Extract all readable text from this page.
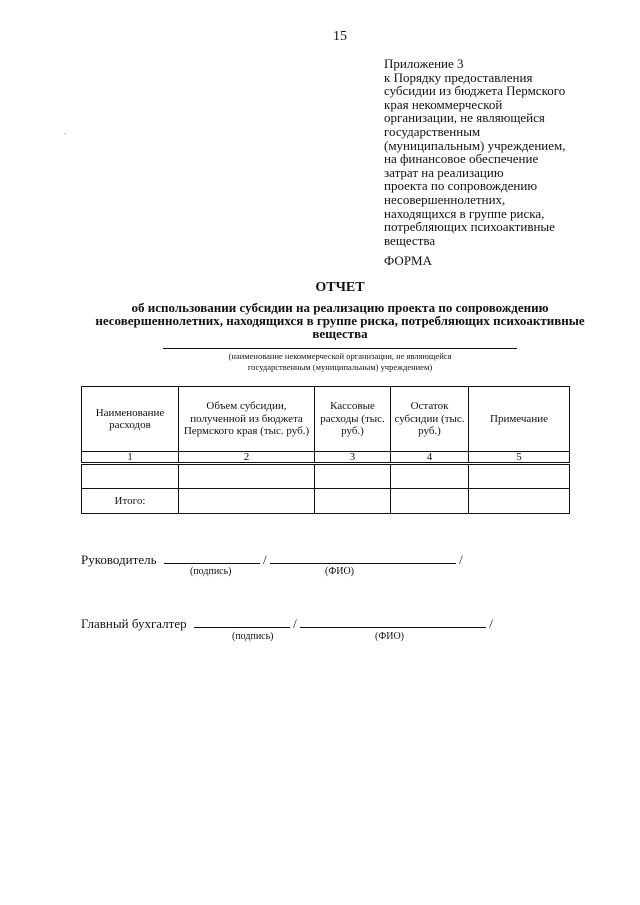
15
Приложение 3
к Порядку предоставления
субсидии из бюджета Пермского
края некоммерческой
организации, не являющейся
государственным
(муниципальным) учреждением,
на финансовое обеспечение
затрат на реализацию
проекта по сопровождению
несовершеннолетних,
находящихся в группе риска,
потребляющих психоактивные
вещества
ФОРМА
ОТЧЕТ
об использовании субсидии на реализацию проекта по сопровождению несовершеннолетних, находящихся в группе риска, потребляющих психоактивные вещества
(наименование некоммерческой организации, не являющейся
государственным (муниципальным) учреждением)
Наименование расходов	Объем субсидии, полученной из бюджета Пермского края (тыс. руб.)	Кассовые расходы (тыс. руб.)	Остаток субсидии (тыс. руб.)	Примечание
1	2	3	4	5

Итого:				
Руководитель	/	/
(подпись)	(ФИО)
Главный бухгалтер	/	/
(подпись)	(ФИО)
